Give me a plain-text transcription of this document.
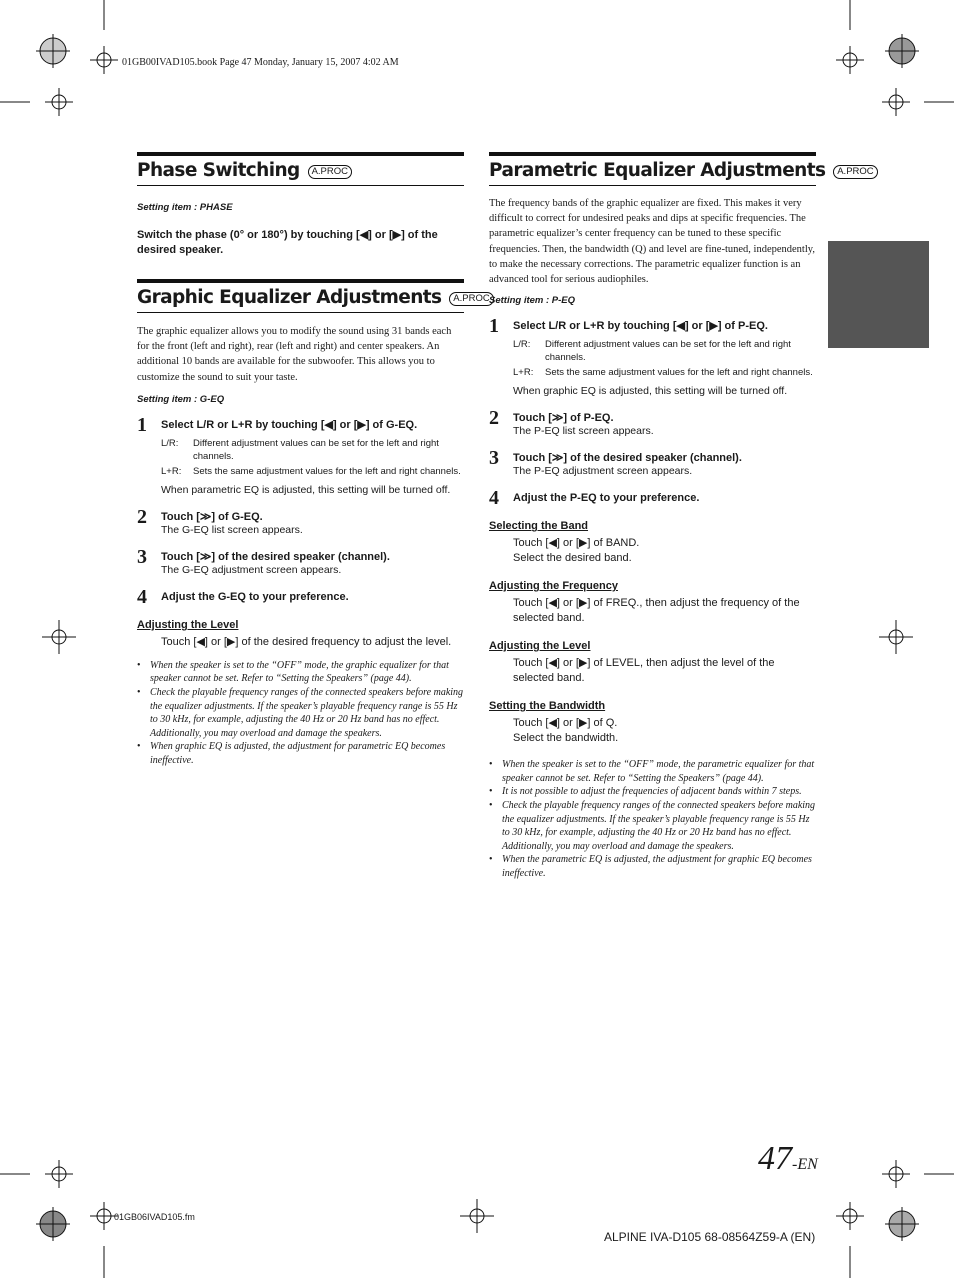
01GB00IVAD105.book Page 47 Monday, January 15, 2007 4:02 AM
Phase Switching A.PROC

Setting item : PHASE

Switch the phase (0° or 180°) by touching [◀] or [▶] of the desired speaker.

Graphic Equalizer Adjustments A.PROC

The graphic equalizer allows you to modify the sound using 31 bands each for the front (left and right), rear (left and right) and center speakers. An additional 10 bands are available for the subwoofer. This allows you to customize the sound to suit your taste.

Setting item : G-EQ

1 Select L/R or L+R by touching [◀] or [▶] of G-EQ.

L/R:	Different adjustment values can be set for the left and right channels.
L+R:	Sets the same adjustment values for the left and right channels.

When parametric EQ is adjusted, this setting will be turned off.

2 Touch [≫] of G-EQ.

The G-EQ list screen appears.

3 Touch [≫] of the desired speaker (channel).

The G-EQ adjustment screen appears.

4 Adjust the G-EQ to your preference.

Adjusting the Level

Touch [◀] or [▶] of the desired frequency to adjust the level.

• When the speaker is set to the “OFF” mode, the graphic equalizer for that speaker cannot be set. Refer to “Setting the Speakers” (page 44).
• Check the playable frequency ranges of the connected speakers before making the equalizer adjustments. If the speaker’s playable frequency range is 55 Hz to 30 kHz, for example, adjusting the 40 Hz or 20 Hz band has no effect. Additionally, you may overload and damage the speakers.
• When graphic EQ is adjusted, the adjustment for parametric EQ becomes ineffective.
Parametric Equalizer Adjustments A.PROC

The frequency bands of the graphic equalizer are fixed. This makes it very difficult to correct for undesired peaks and dips at specific frequencies. The parametric equalizer’s center frequency can be tuned to these specific frequencies. Then, the bandwidth (Q) and level are fine-tuned, independently, to make the necessary corrections. The parametric equalizer function is an advanced tool for serious audiophiles.

Setting item : P-EQ

1 Select L/R or L+R by touching [◀] or [▶] of P-EQ.

L/R:	Different adjustment values can be set for the left and right channels.
L+R:	Sets the same adjustment values for the left and right channels.

When graphic EQ is adjusted, this setting will be turned off.

2 Touch [≫] of P-EQ.

The P-EQ list screen appears.

3 Touch [≫] of the desired speaker (channel).

The P-EQ adjustment screen appears.

4 Adjust the P-EQ to your preference.

Selecting the Band

Touch [◀] or [▶] of BAND.
Select the desired band.

Adjusting the Frequency

Touch [◀] or [▶] of FREQ., then adjust the frequency of the selected band.

Adjusting the Level

Touch [◀] or [▶] of LEVEL, then adjust the level of the selected band.

Setting the Bandwidth

Touch [◀] or [▶] of Q.
Select the bandwidth.

• When the speaker is set to the “OFF” mode, the parametric equalizer for that speaker cannot be set. Refer to “Setting the Speakers” (page 44).
• It is not possible to adjust the frequencies of adjacent bands within 7 steps.
• Check the playable frequency ranges of the connected speakers before making the equalizer adjustments. If the speaker’s playable frequency range is 55 Hz to 30 kHz, for example, adjusting the 40 Hz or 20 Hz band has no effect. Additionally, you may overload and damage the speakers.
• When the parametric EQ is adjusted, the adjustment for graphic EQ becomes ineffective.
47-EN
01GB06IVAD105.fm
ALPINE IVA-D105 68-08564Z59-A (EN)
